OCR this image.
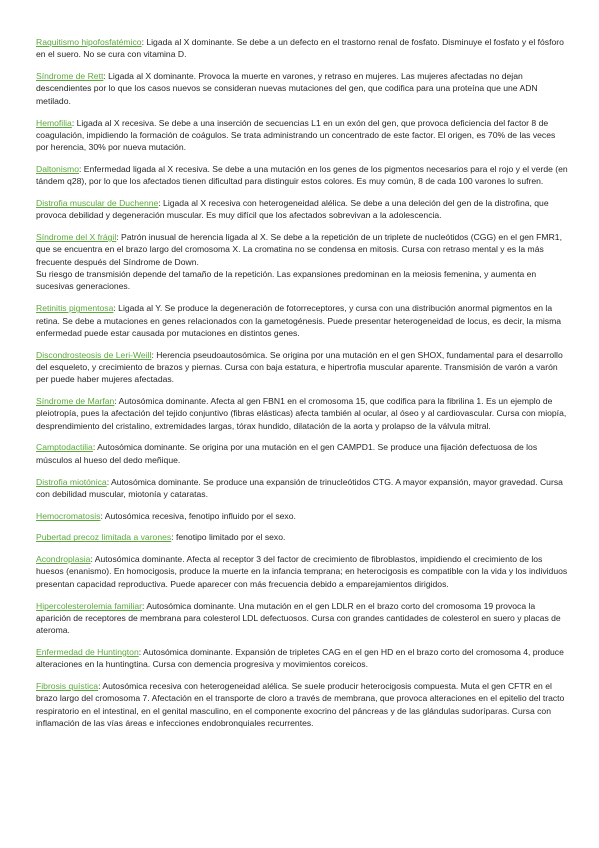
Raquitismo hipofosfatémico: Ligada al X dominante. Se debe a un defecto en el trastorno renal de fosfato. Disminuye el fosfato y el fósforo en el suero. No se cura con vitamina D.

Síndrome de Rett: Ligada al X dominante. Provoca la muerte en varones, y retraso en mujeres. Las mujeres afectadas no dejan descendientes por lo que los casos nuevos se consideran nuevas mutaciones del gen, que codifica para una proteína que une ADN metilado.

Hemofilia: Ligada al X recesiva. Se debe a una inserción de secuencias L1 en un exón del gen, que provoca deficiencia del factor 8 de coagulación, impidiendo la formación de coágulos. Se trata administrando un concentrado de este factor. El origen, es 70% de las veces por herencia, 30% por nueva mutación.

Daltonismo: Enfermedad ligada al X recesiva. Se debe a una mutación en los genes de los pigmentos necesarios para el rojo y el verde (en tándem q28), por lo que los afectados tienen dificultad para distinguir estos colores. Es muy común, 8 de cada 100 varones lo sufren.

Distrofia muscular de Duchenne: Ligada al X recesiva con heterogeneidad alélica. Se debe a una deleción del gen de la distrofina, que provoca debilidad y degeneración muscular. Es muy difícil que los afectados sobrevivan a la adolescencia.

Síndrome del X frágil: Patrón inusual de herencia ligada al X. Se debe a la repetición de un triplete de nucleótidos (CGG) en el gen FMR1, que se encuentra en el brazo largo del cromosoma X. La cromatina no se condensa en mitosis. Cursa con retraso mental y es la más frecuente después del Síndrome de Down.
Su riesgo de transmisión depende del tamaño de la repetición. Las expansiones predominan en la meiosis femenina, y aumenta en sucesivas generaciones.

Retinitis pigmentosa: Ligada al Y. Se produce la degeneración de fotorreceptores, y cursa con una distribución anormal pigmentos en la retina. Se debe a mutaciones en genes relacionados con la gametogénesis. Puede presentar heterogeneidad de locus, es decir, la misma enfermedad puede estar causada por mutaciones en distintos genes.

Discondrosteosis de Leri-Weill: Herencia pseudoautosómica. Se origina por una mutación en el gen SHOX, fundamental para el desarrollo del esqueleto, y crecimiento de brazos y piernas. Cursa con baja estatura, e hipertrofia muscular aparente. Transmisión de varón a varón per puede haber mujeres afectadas.

Síndrome de Marfan: Autosómica dominante. Afecta al gen FBN1 en el cromosoma 15, que codifica para la fibrilina 1. Es un ejemplo de pleiotropía, pues la afectación del tejido conjuntivo (fibras elásticas) afecta también al ocular, al óseo y al cardiovascular. Cursa con miopía, desprendimiento del cristalino, extremidades largas, tórax hundido, dilatación de la aorta y prolapso de la válvula mitral.

Camptodactilia: Autosómica dominante. Se origina por una mutación en el gen CAMPD1. Se produce una fijación defectuosa de los músculos al hueso del dedo meñique.

Distrofia miotónica: Autosómica dominante. Se produce una expansión de trinucleótidos CTG. A mayor expansión, mayor gravedad. Cursa con debilidad muscular, miotonía y cataratas.

Hemocromatosis: Autosómica recesiva, fenotipo influido por el sexo.

Pubertad precoz limitada a varones: fenotipo limitado por el sexo.

Acondroplasia: Autosómica dominante. Afecta al receptor 3 del factor de crecimiento de fibroblastos, impidiendo el crecimiento de los huesos (enanismo). En homocigosis, produce la muerte en la infancia temprana; en heterocigosis es compatible con la vida y los individuos presentan capacidad reproductiva. Puede aparecer con más frecuencia debido a emparejamientos dirigidos.

Hipercolesterolemia familiar: Autosómica dominante. Una mutación en el gen LDLR en el brazo corto del cromosoma 19 provoca la aparición de receptores de membrana para colesterol LDL defectuosos. Cursa con grandes cantidades de colesterol en suero y placas de ateroma.

Enfermedad de Huntington: Autosómica dominante. Expansión de tripletes CAG en el gen HD en el brazo corto del cromosoma 4, produce alteraciones en la huntingtina. Cursa con demencia progresiva y movimientos coreicos.

Fibrosis quística: Autosómica recesiva con heterogeneidad alélica. Se suele producir heterocigosis compuesta. Muta el gen CFTR en el brazo largo del cromosoma 7. Afectación en el transporte de cloro a través de membrana, que provoca alteraciones en el epitelio del tracto respiratorio en el intestinal, en el genital masculino, en el componente exocrino del páncreas y de las glándulas sudoríparas. Cursa con inflamación de las vías áreas e infecciones endobronquiales recurrentes.
